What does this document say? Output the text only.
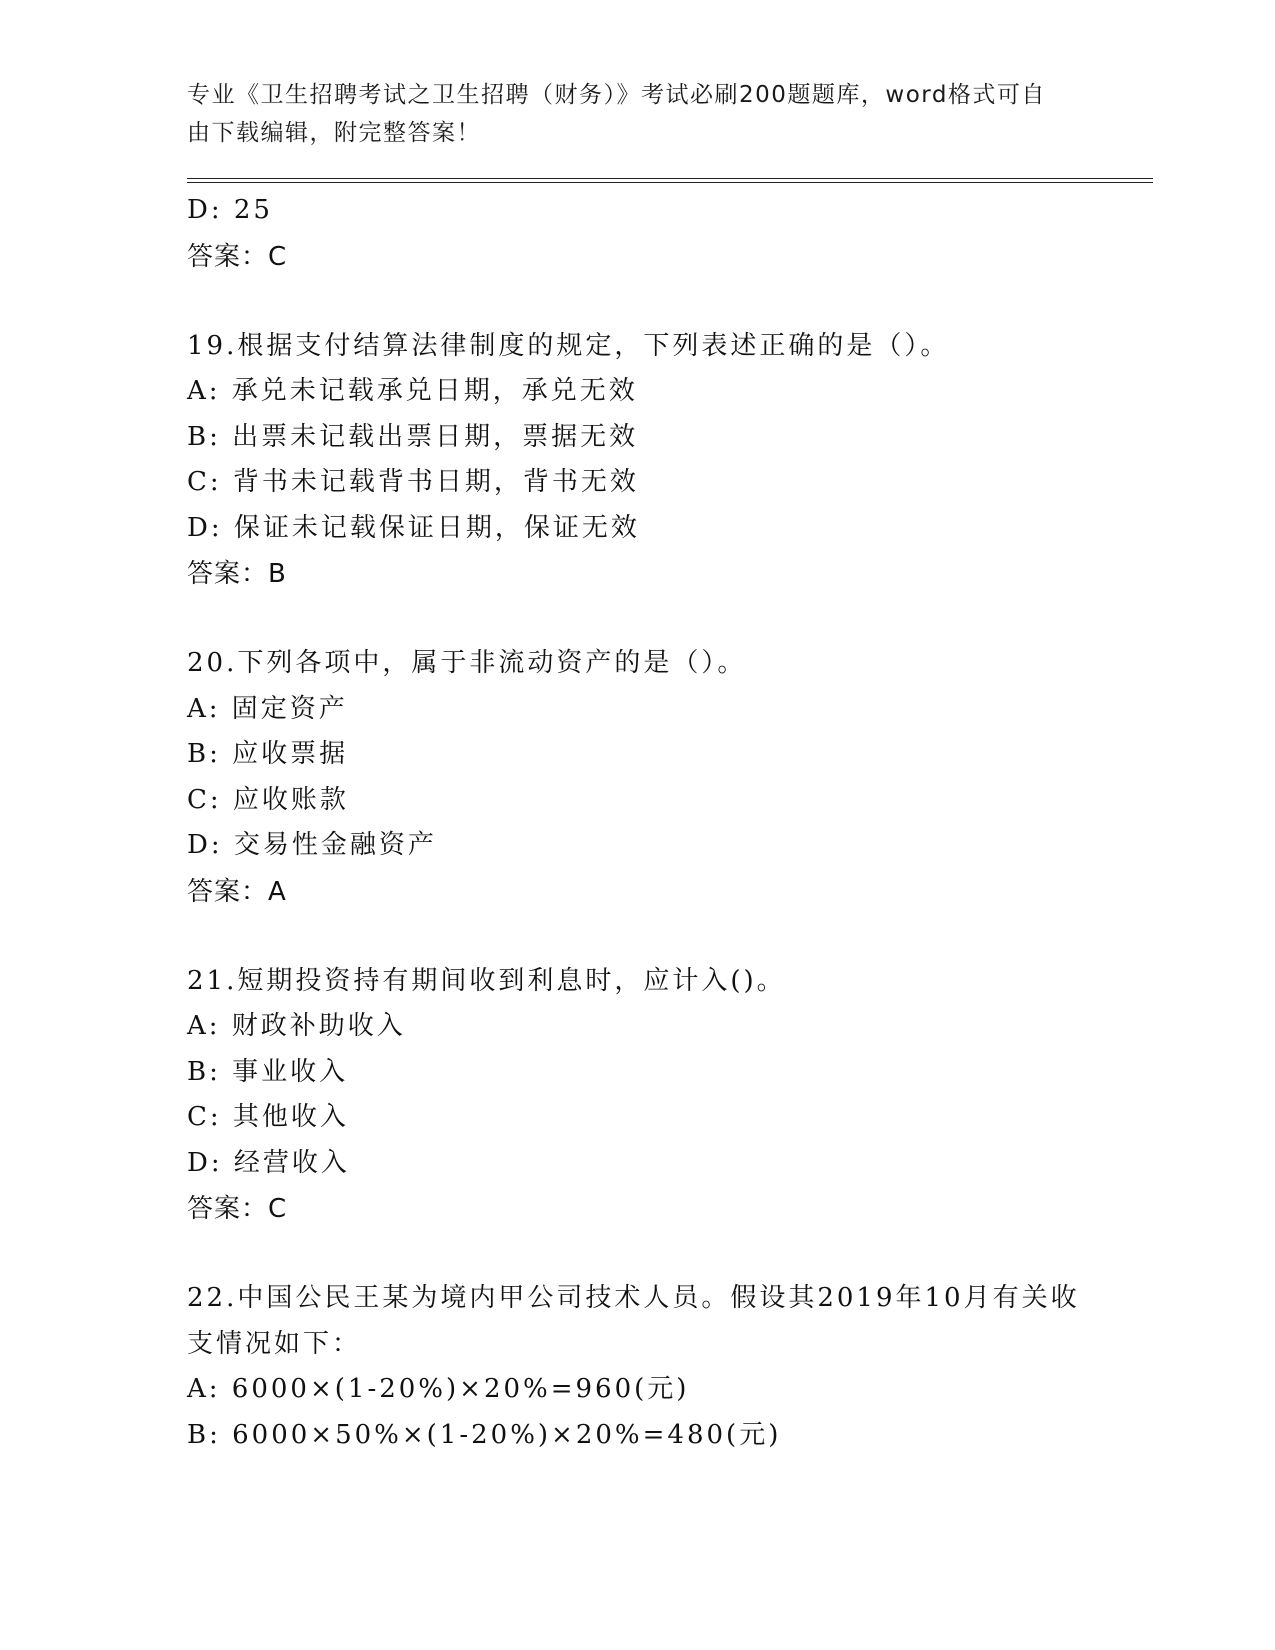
专业《卫生招聘考试之卫生招聘（财务）》考试必刷200题题库，word格式可自
由下载编辑，附完整答案！
D: 25
答案：C
19.根据支付结算法律制度的规定，下列表述正确的是（）。
A: 承兑未记载承兑日期，承兑无效
B: 出票未记载出票日期，票据无效
C: 背书未记载背书日期，背书无效
D: 保证未记载保证日期，保证无效
答案：B
20.下列各项中，属于非流动资产的是（）。
A: 固定资产
B: 应收票据
C: 应收账款
D: 交易性金融资产
答案：A
21.短期投资持有期间收到利息时，应计入()。
A: 财政补助收入
B: 事业收入
C: 其他收入
D: 经营收入
答案：C
22.中国公民王某为境内甲公司技术人员。假设其2019年10月有关收
支情况如下：
A: 6000×(1-20%)×20%=960(元)
B: 6000×50%×(1-20%)×20%=480(元)
